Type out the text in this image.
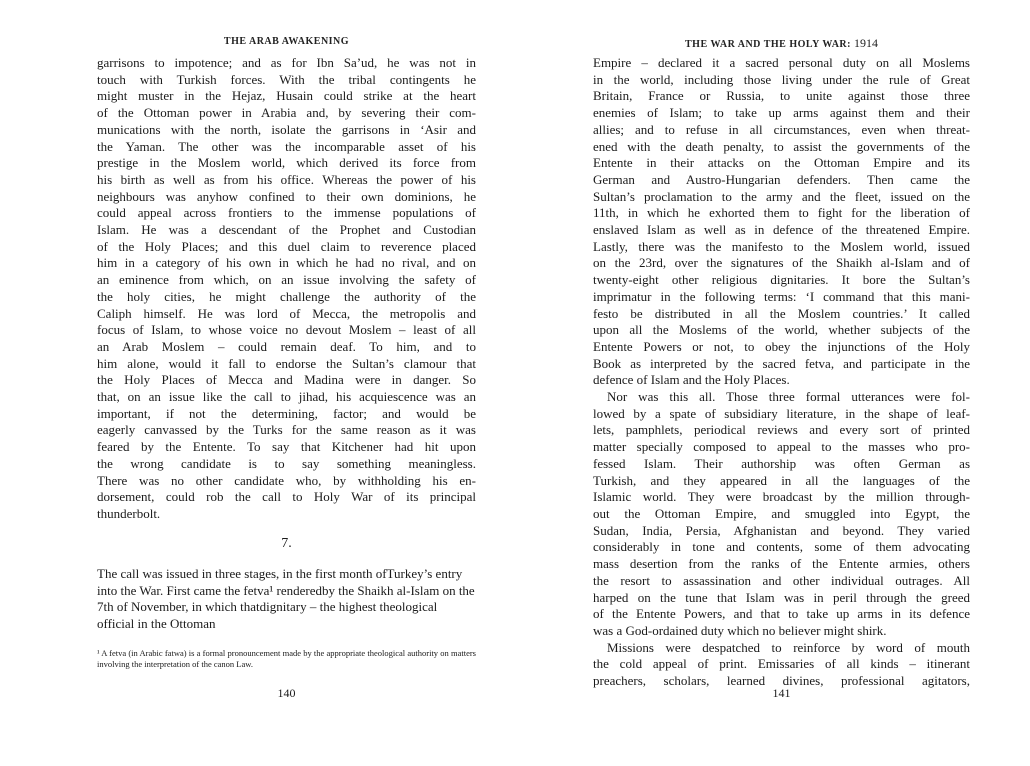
THE ARAB AWAKENING
garrisons to impotence; and as for Ibn Sa’ud, he was not in
touch with Turkish forces. With the tribal contingents he
might muster in the Hejaz, Husain could strike at the heart
of the Ottoman power in Arabia and, by severing their com-
munications with the north, isolate the garrisons in ‘Asir and
the Yaman. The other was the incomparable asset of his
prestige in the Moslem world, which derived its force from
his birth as well as from his office. Whereas the power of his
neighbours was anyhow confined to their own dominions, he
could appeal across frontiers to the immense populations of
Islam. He was a descendant of the Prophet and Custodian
of the Holy Places; and this duel claim to reverence placed
him in a category of his own in which he had no rival, and on
an eminence from which, on an issue involving the safety of
the holy cities, he might challenge the authority of the
Caliph himself. He was lord of Mecca, the metropolis and
focus of Islam, to whose voice no devout Moslem – least of all
an Arab Moslem – could remain deaf. To him, and to
him alone, would it fall to endorse the Sultan’s clamour that
the Holy Places of Mecca and Madina were in danger. So
that, on an issue like the call to jihad, his acquiescence was an
important, if not the determining, factor; and would be
eagerly canvassed by the Turks for the same reason as it was
feared by the Entente. To say that Kitchener had hit upon
the wrong candidate is to say something meaningless.
There was no other candidate who, by withholding his en-
dorsement, could rob the call to Holy War of its principal
thunderbolt.
7.
The call was issued in three stages, in the first month ofTurkey’s entry into the War. First came the fetva¹ renderedby the Shaikh al-Islam on the 7th of November, in which thatdignitary – the highest theological official in the Ottoman
¹ A fetva (in Arabic fatwa) is a formal pronouncement made by the appropriate theological authority on matters involving the interpretation of the canon Law.
140
THE WAR AND THE HOLY WAR: 1914
Empire – declared it a sacred personal duty on all Moslems
in the world, including those living under the rule of Great
Britain, France or Russia, to unite against those three
enemies of Islam; to take up arms against them and their
allies; and to refuse in all circumstances, even when threat-
ened with the death penalty, to assist the governments of the
Entente in their attacks on the Ottoman Empire and its
German and Austro-Hungarian defenders. Then came the
Sultan’s proclamation to the army and the fleet, issued on the
11th, in which he exhorted them to fight for the liberation of
enslaved Islam as well as in defence of the threatened Empire.
Lastly, there was the manifesto to the Moslem world, issued
on the 23rd, over the signatures of the Shaikh al-Islam and of
twenty-eight other religious dignitaries. It bore the Sultan’s
imprimatur in the following terms: ‘I command that this mani-
festo be distributed in all the Moslem countries.’ It called
upon all the Moslems of the world, whether subjects of the
Entente Powers or not, to obey the injunctions of the Holy
Book as interpreted by the sacred fetva, and participate in the
defence of Islam and the Holy Places.
Nor was this all. Those three formal utterances were fol-
lowed by a spate of subsidiary literature, in the shape of leaf-
lets, pamphlets, periodical reviews and every sort of printed
matter specially composed to appeal to the masses who pro-
fessed Islam. Their authorship was often German as
Turkish, and they appeared in all the languages of the
Islamic world. They were broadcast by the million through-
out the Ottoman Empire, and smuggled into Egypt, the
Sudan, India, Persia, Afghanistan and beyond. They varied
considerably in tone and contents, some of them advocating
mass desertion from the ranks of the Entente armies, others
the resort to assassination and other individual outrages. All
harped on the tune that Islam was in peril through the greed
of the Entente Powers, and that to take up arms in its defence
was a God-ordained duty which no believer might shirk.
Missions were despatched to reinforce by word of mouth
the cold appeal of print. Emissaries of all kinds – itinerant
preachers, scholars, learned divines, professional agitators,
141
